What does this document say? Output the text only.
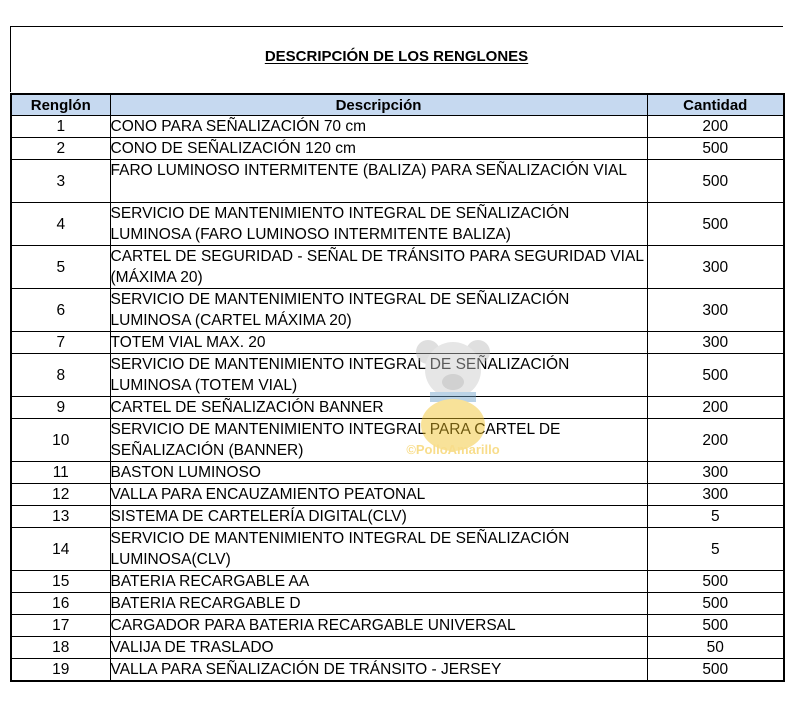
DESCRIPCIÓN DE LOS RENGLONES
Renglón	Descripción	Cantidad
1	CONO PARA SEÑALIZACIÓN 70 cm	200
2	CONO DE SEÑALIZACIÓN 120 cm	500
3	FARO LUMINOSO INTERMITENTE (BALIZA) PARA SEÑALIZACIÓN VIAL	500
4	SERVICIO DE MANTENIMIENTO INTEGRAL DE SEÑALIZACIÓN LUMINOSA (FARO LUMINOSO INTERMITENTE BALIZA)	500
5	CARTEL DE SEGURIDAD - SEÑAL DE TRÁNSITO PARA SEGURIDAD VIAL (MÁXIMA 20)	300
6	SERVICIO DE MANTENIMIENTO INTEGRAL DE SEÑALIZACIÓN LUMINOSA (CARTEL MÁXIMA 20)	300
7	TOTEM VIAL MAX. 20	300
8	SERVICIO DE MANTENIMIENTO INTEGRAL DE SEÑALIZACIÓN LUMINOSA (TOTEM VIAL)	500
9	CARTEL DE SEÑALIZACIÓN BANNER	200
10	SERVICIO DE MANTENIMIENTO INTEGRAL PARA CARTEL DE SEÑALIZACIÓN (BANNER)	200
11	BASTON LUMINOSO	300
12	VALLA PARA ENCAUZAMIENTO PEATONAL	300
13	SISTEMA DE CARTELERÍA DIGITAL(CLV)	5
14	SERVICIO DE MANTENIMIENTO INTEGRAL DE SEÑALIZACIÓN LUMINOSA(CLV)	5
15	BATERIA RECARGABLE AA	500
16	BATERIA RECARGABLE D	500
17	CARGADOR PARA BATERIA RECARGABLE UNIVERSAL	500
18	VALIJA DE TRASLADO	50
19	VALLA PARA SEÑALIZACIÓN DE TRÁNSITO - JERSEY	500
©PolloAmarillo
